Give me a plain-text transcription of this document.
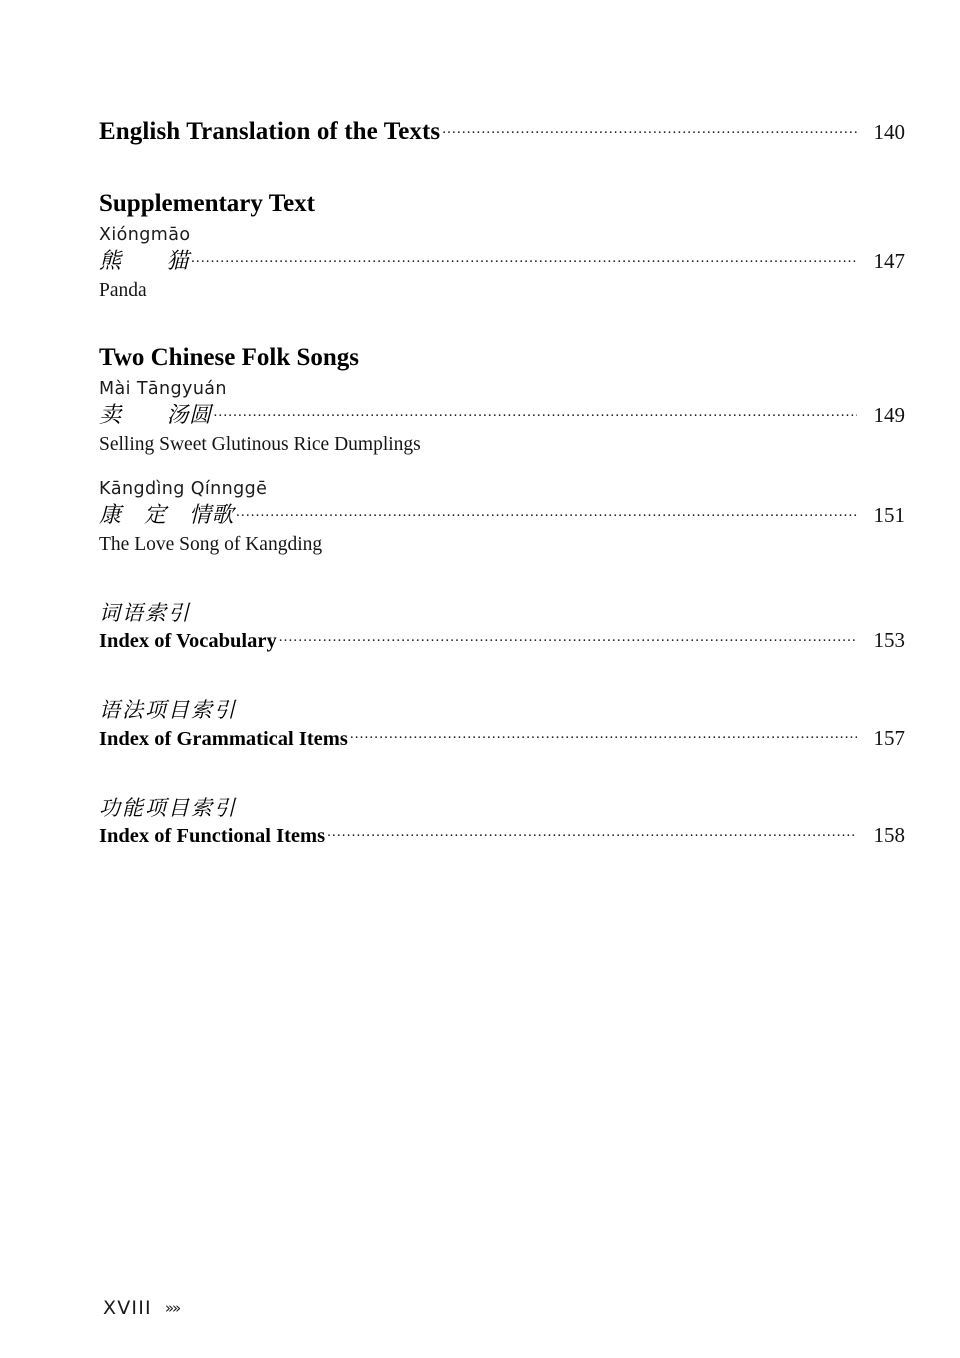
English Translation of the Texts .....	140
Supplementary Text
Xióngmāo
熊　　猫 .....	147
Panda
Two Chinese Folk Songs
Mài Tāngyuán
卖　　汤圆 .....	149
Selling Sweet Glutinous Rice Dumplings
Kāngdìng Qínnggē
康　定　情歌 .....	151
The Love Song of Kangding
词语索引
Index of Vocabulary .....	153
语法项目索引
Index of Grammatical Items .....	157
功能项目索引
Index of Functional Items .....	158
XVIII »»
